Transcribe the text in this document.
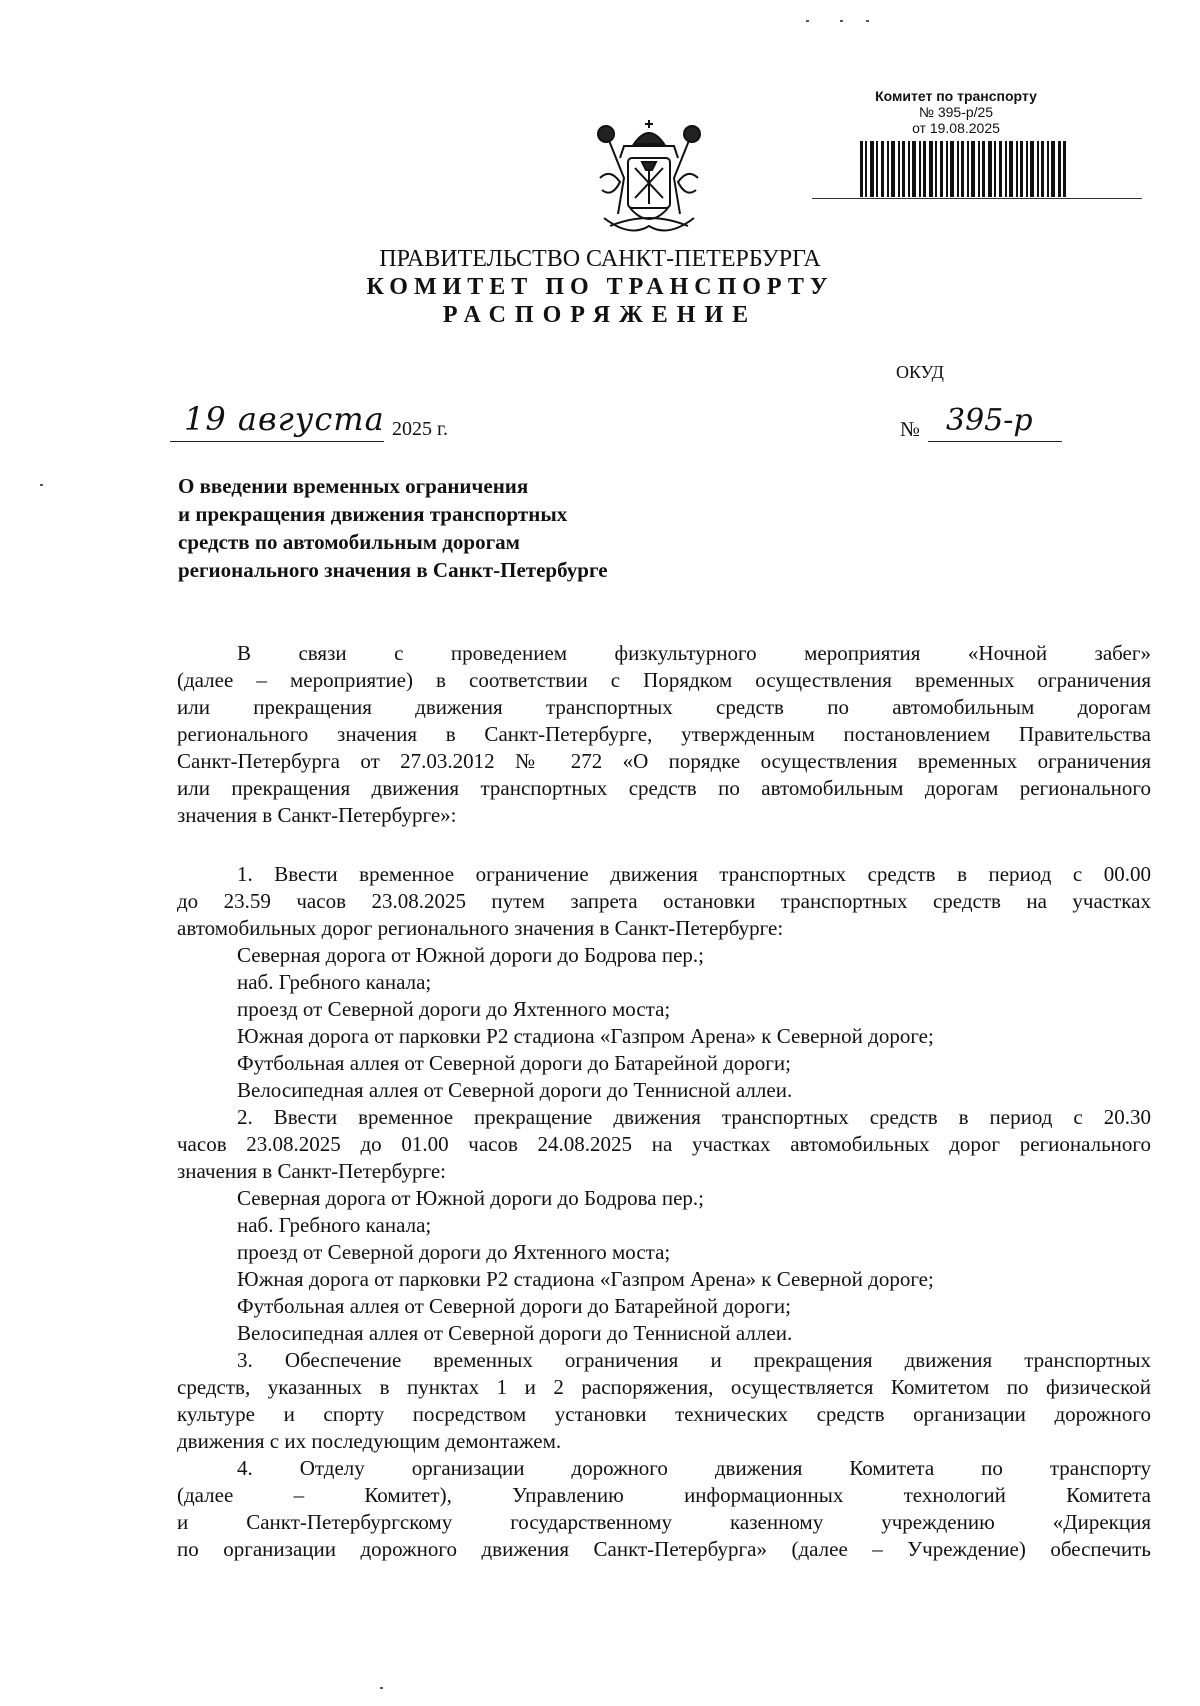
Комитет по транспорту
№ 395-р/25
от 19.08.2025
ПРАВИТЕЛЬСТВО САНКТ-ПЕТЕРБУРГА
КОМИТЕТ ПО ТРАНСПОРТУ
РАСПОРЯЖЕНИЕ
ОКУД
19 августа 2025 г.	№ 395-р
О введении временных ограничения
и прекращения движения транспортных
средств по автомобильным дорогам
регионального значения в Санкт-Петербурге
В связи с проведением физкультурного мероприятия «Ночной забег»
(далее – мероприятие) в соответствии с Порядком осуществления временных ограничения
или прекращения движения транспортных средств по автомобильным дорогам
регионального значения в Санкт-Петербурге, утвержденным постановлением Правительства
Санкт-Петербурга от 27.03.2012 № 272 «О порядке осуществления временных ограничения
или прекращения движения транспортных средств по автомобильным дорогам регионального
значения в Санкт-Петербурге»:
1. Ввести временное ограничение движения транспортных средств в период с 00.00
до 23.59 часов 23.08.2025 путем запрета остановки транспортных средств на участках
автомобильных дорог регионального значения в Санкт-Петербурге:
Северная дорога от Южной дороги до Бодрова пер.;
наб. Гребного канала;
проезд от Северной дороги до Яхтенного моста;
Южная дорога от парковки Р2 стадиона «Газпром Арена» к Северной дороге;
Футбольная аллея от Северной дороги до Батарейной дороги;
Велосипедная аллея от Северной дороги до Теннисной аллеи.
2. Ввести временное прекращение движения транспортных средств в период с 20.30
часов 23.08.2025 до 01.00 часов 24.08.2025 на участках автомобильных дорог регионального
значения в Санкт-Петербурге:
Северная дорога от Южной дороги до Бодрова пер.;
наб. Гребного канала;
проезд от Северной дороги до Яхтенного моста;
Южная дорога от парковки Р2 стадиона «Газпром Арена» к Северной дороге;
Футбольная аллея от Северной дороги до Батарейной дороги;
Велосипедная аллея от Северной дороги до Теннисной аллеи.
3. Обеспечение временных ограничения и прекращения движения транспортных
средств, указанных в пунктах 1 и 2 распоряжения, осуществляется Комитетом по физической
культуре и спорту посредством установки технических средств организации дорожного
движения с их последующим демонтажем.
4. Отделу организации дорожного движения Комитета по транспорту
(далее – Комитет), Управлению информационных технологий Комитета
и Санкт-Петербургскому государственному казенному учреждению «Дирекция
по организации дорожного движения Санкт-Петербурга» (далее – Учреждение) обеспечить
